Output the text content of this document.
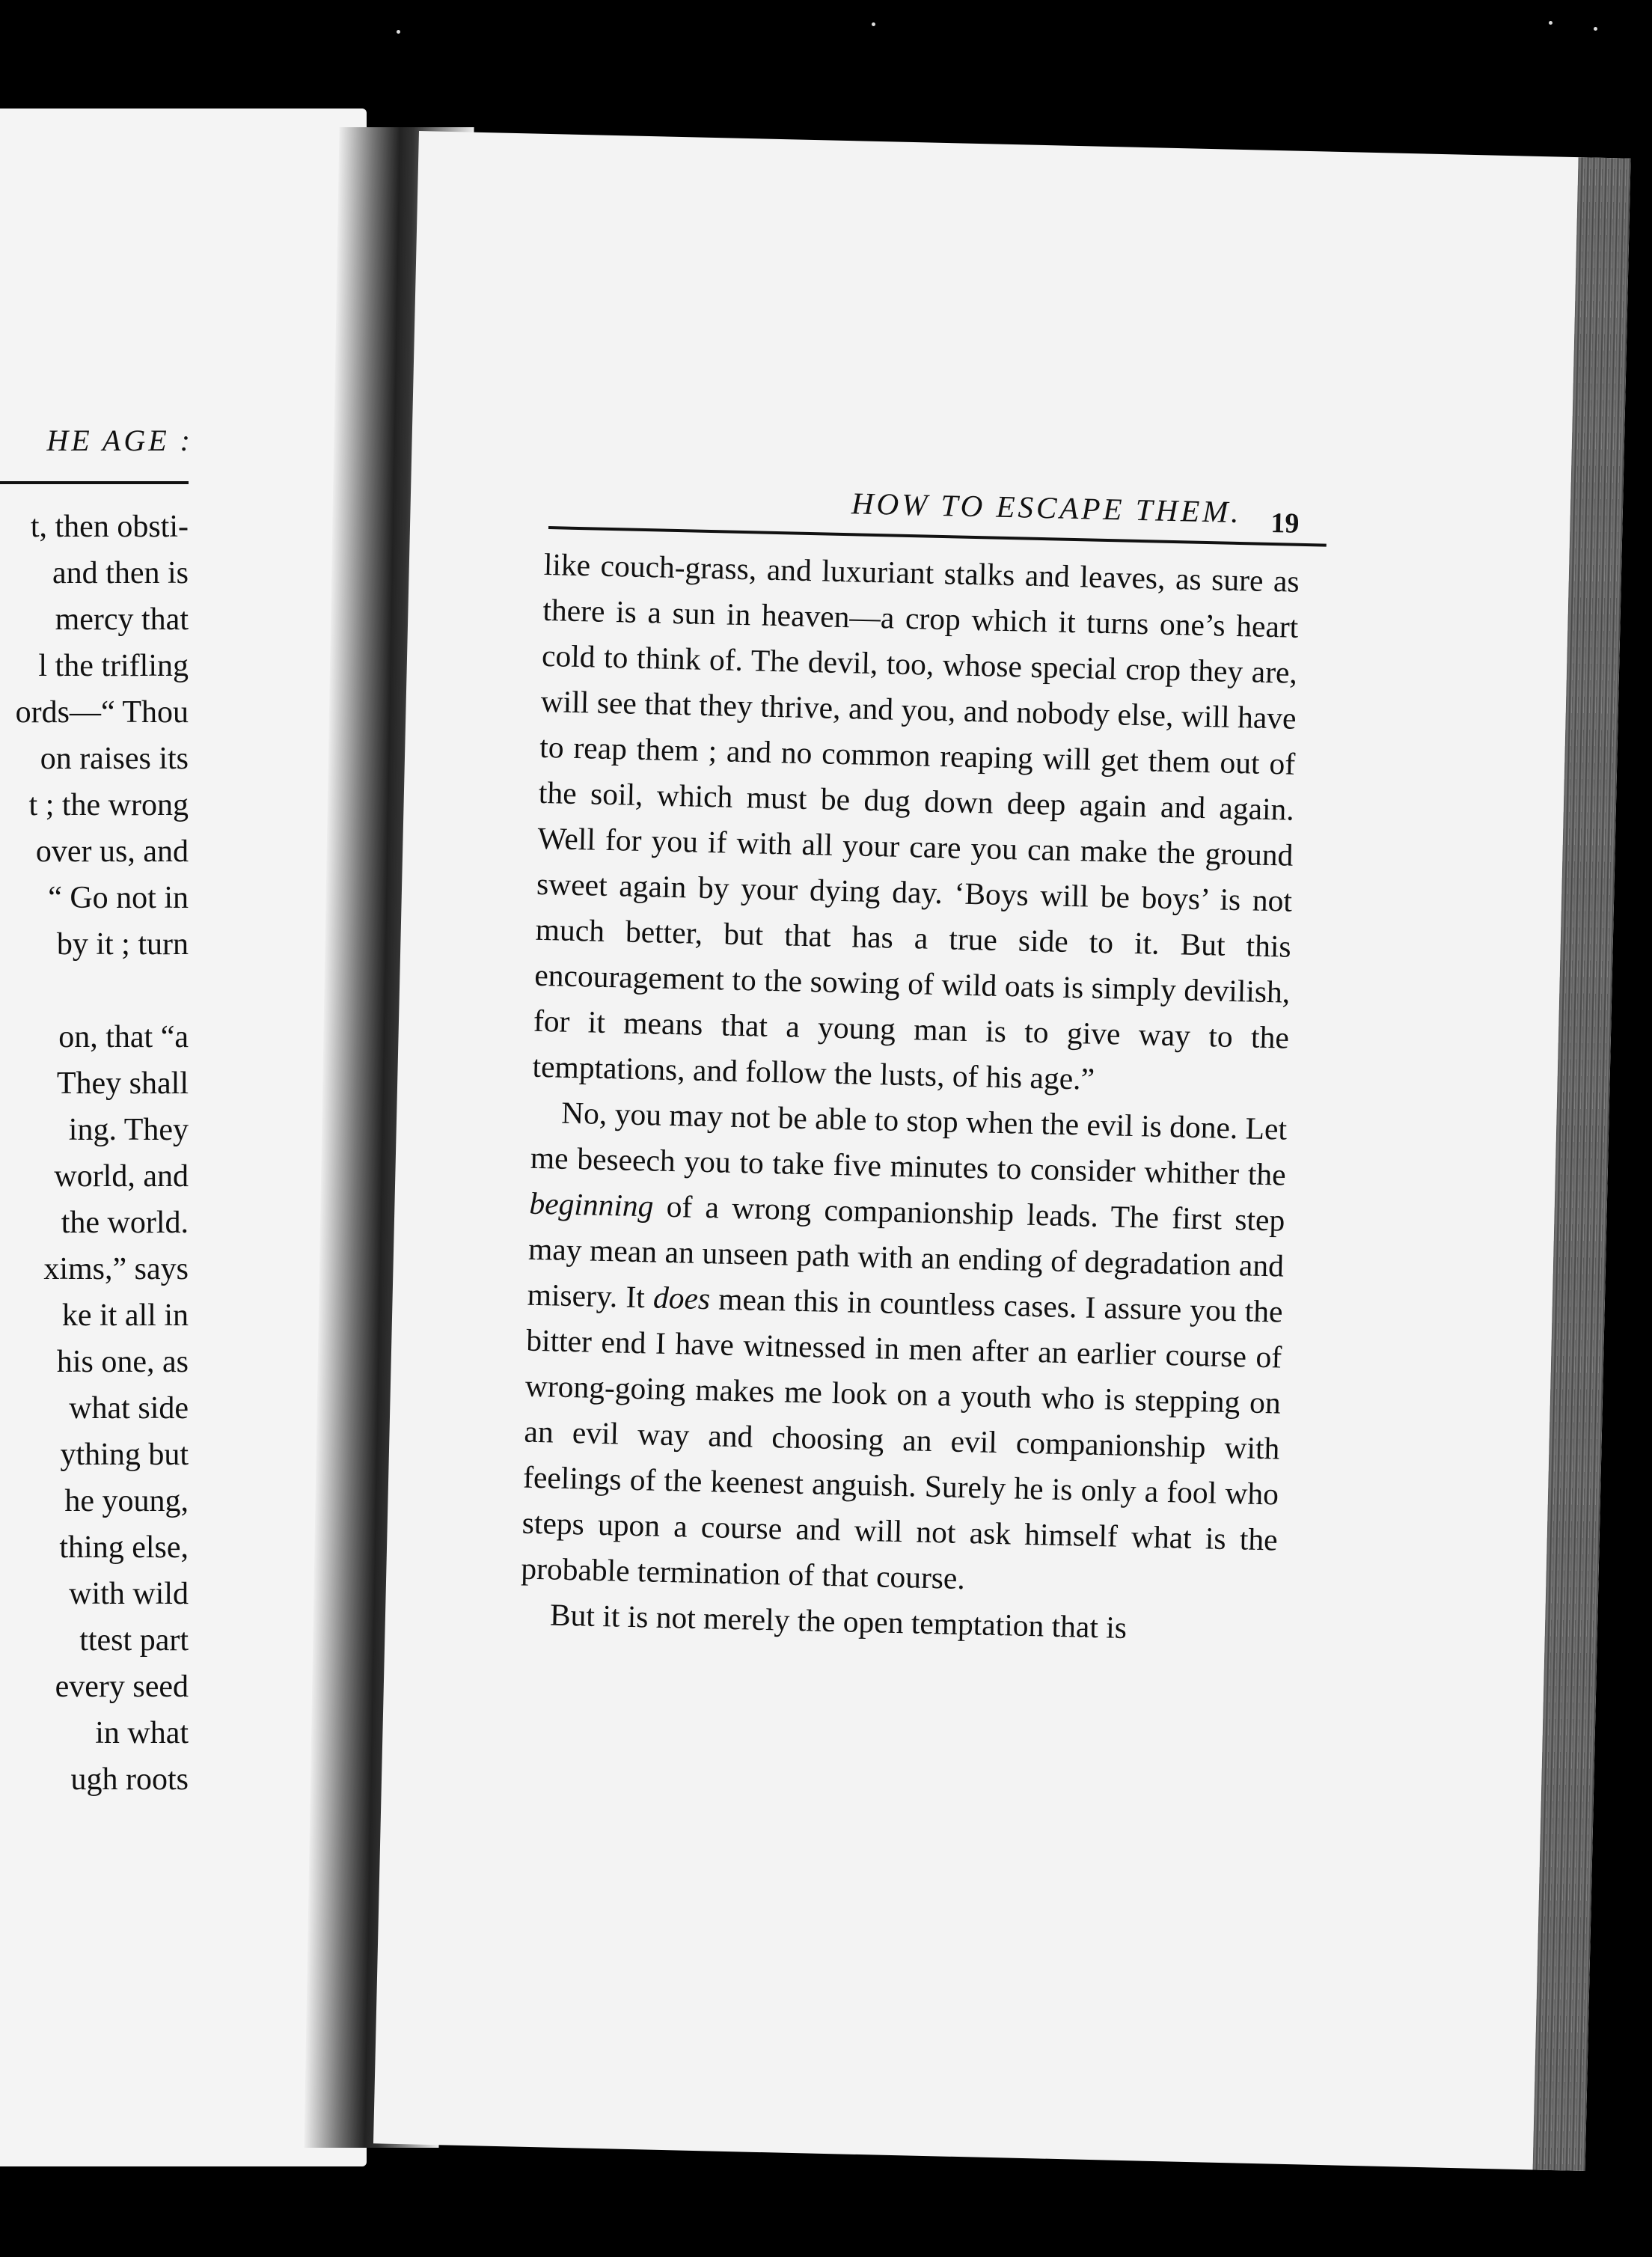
HE AGE :
t, then obsti-
and then is
mercy that
l the trifling
ords—“ Thou
on raises its
t ; the wrong
over us, and
“ Go not in
by it ; turn
on, that “a
They shall
ing. They
world, and
the world.
xims,” says
ke it all in
his one, as
what side
ything but
he young,
thing else,
with wild
ttest part
every seed
in what
ugh roots
HOW TO ESCAPE THEM. 19

like couch-grass, and luxuriant stalks and leaves, as sure as there is a sun in heaven—a crop which it turns one’s heart cold to think of. The devil, too, whose special crop they are, will see that they thrive, and you, and nobody else, will have to reap them ; and no common reaping will get them out of the soil, which must be dug down deep again and again. Well for you if with all your care you can make the ground sweet again by your dying day. ‘Boys will be boys’ is not much better, but that has a true side to it. But this encouragement to the sowing of wild oats is simply devilish, for it means that a young man is to give way to the temptations, and follow the lusts, of his age.”

No, you may not be able to stop when the evil is done. Let me beseech you to take five minutes to consider whither the beginning of a wrong companionship leads. The first step may mean an unseen path with an ending of degradation and misery. It does mean this in countless cases. I assure you the bitter end I have witnessed in men after an earlier course of wrong-going makes me look on a youth who is stepping on an evil way and choosing an evil companionship with feelings of the keenest anguish. Surely he is only a fool who steps upon a course and will not ask himself what is the probable termination of that course.

But it is not merely the open temptation that is
